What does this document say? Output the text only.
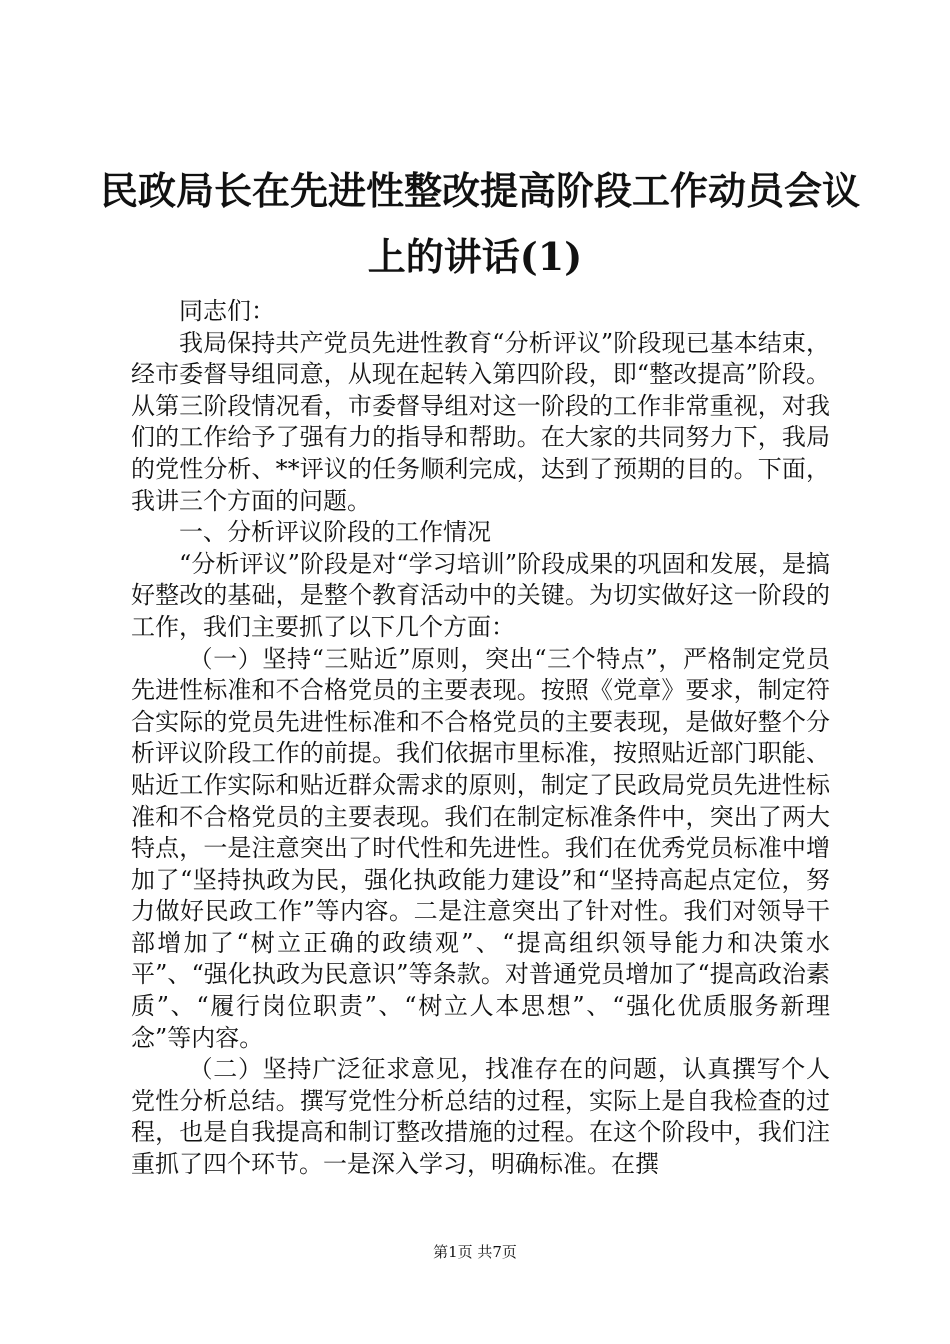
民政局长在先进性整改提高阶段工作动员会议
上的讲话(1)

同志们：

我局保持共产党员先进性教育“分析评议”阶段现已基本结束，经市委督导组同意，从现在起转入第四阶段，即“整改提高”阶段。从第三阶段情况看，市委督导组对这一阶段的工作非常重视，对我们的工作给予了强有力的指导和帮助。在大家的共同努力下，我局的党性分析、**评议的任务顺利完成，达到了预期的目的。下面，我讲三个方面的问题。

一、分析评议阶段的工作情况

“分析评议”阶段是对“学习培训”阶段成果的巩固和发展，是搞好整改的基础，是整个教育活动中的关键。为切实做好这一阶段的工作，我们主要抓了以下几个方面：

（一）坚持“三贴近”原则，突出“三个特点”，严格制定党员先进性标准和不合格党员的主要表现。按照《党章》要求，制定符合实际的党员先进性标准和不合格党员的主要表现，是做好整个分析评议阶段工作的前提。我们依据市里标准，按照贴近部门职能、贴近工作实际和贴近群众需求的原则，制定了民政局党员先进性标准和不合格党员的主要表现。我们在制定标准条件中，突出了两大特点，一是注意突出了时代性和先进性。我们在优秀党员标准中增加了“坚持执政为民，强化执政能力建设”和“坚持高起点定位，努力做好民政工作”等内容。二是注意突出了针对性。我们对领导干部增加了“树立正确的政绩观”、“提高组织领导能力和决策水平”、“强化执政为民意识”等条款。对普通党员增加了“提高政治素质”、“履行岗位职责”、“树立人本思想”、“强化优质服务新理念”等内容。

（二）坚持广泛征求意见，找准存在的问题，认真撰写个人党性分析总结。撰写党性分析总结的过程，实际上是自我检查的过程，也是自我提高和制订整改措施的过程。在这个阶段中，我们注重抓了四个环节。一是深入学习，明确标准。在撰

第1页 共7页
